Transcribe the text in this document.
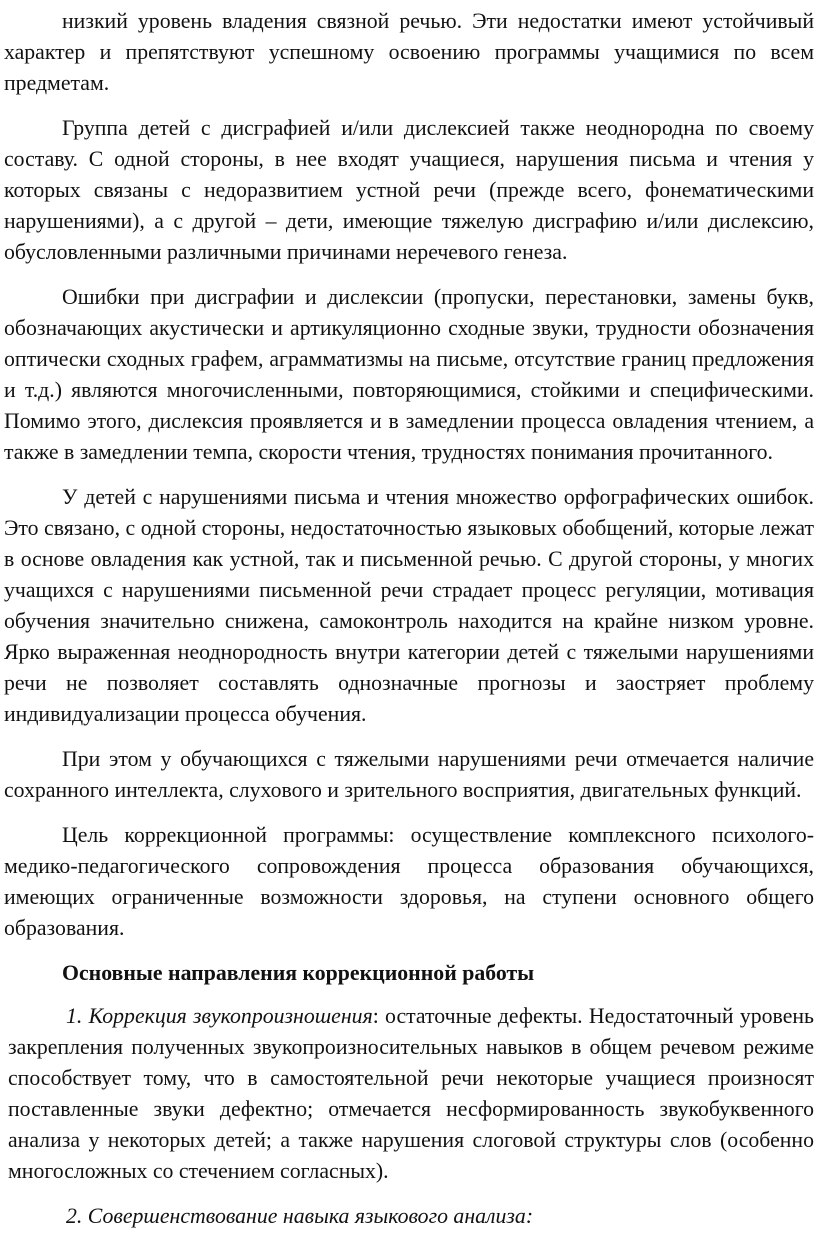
низкий уровень владения связной речью. Эти недостатки имеют устойчивый характер и препятствуют успешному освоению программы учащимися по всем предметам.

Группа детей с дисграфией и/или дислексией также неоднородна по своему составу. С одной стороны, в нее входят учащиеся, нарушения письма и чтения у которых связаны с недоразвитием устной речи (прежде всего, фонематическими нарушениями), а с другой – дети, имеющие тяжелую дисграфию и/или дислексию, обусловленными различными причинами неречевого генеза.

Ошибки при дисграфии и дислексии (пропуски, перестановки, замены букв, обозначающих акустически и артикуляционно сходные звуки, трудности обозначения оптически сходных графем, аграмматизмы на письме, отсутствие границ предложения и т.д.) являются многочисленными, повторяющимися, стойкими и специфическими. Помимо этого, дислексия проявляется и в замедлении процесса овладения чтением, а также в замедлении темпа, скорости чтения, трудностях понимания прочитанного.

У детей с нарушениями письма и чтения множество орфографических ошибок. Это связано, с одной стороны, недостаточностью языковых обобщений, которые лежат в основе овладения как устной, так и письменной речью. С другой стороны, у многих учащихся с нарушениями письменной речи страдает процесс регуляции, мотивация обучения значительно снижена, самоконтроль находится на крайне низком уровне. Ярко выраженная неоднородность внутри категории детей с тяжелыми нарушениями речи не позволяет составлять однозначные прогнозы и заостряет проблему индивидуализации процесса обучения.

При этом у обучающихся с тяжелыми нарушениями речи отмечается наличие сохранного интеллекта, слухового и зрительного восприятия, двигательных функций.

Цель коррекционной программы: осуществление комплексного психолого-медико-педагогического сопровождения процесса образования обучающихся, имеющих ограниченные возможности здоровья, на ступени основного общего образования.

Основные направления коррекционной работы

1. Коррекция звукопроизношения: остаточные дефекты. Недостаточный уровень закрепления полученных звукопроизносительных навыков в общем речевом режиме способствует тому, что в самостоятельной речи некоторые учащиеся произносят поставленные звуки дефектно; отмечается несформированность звукобуквенного анализа у некоторых детей; а также нарушения слоговой структуры слов (особенно многосложных со стечением согласных).

2. Совершенствование навыка языкового анализа:
